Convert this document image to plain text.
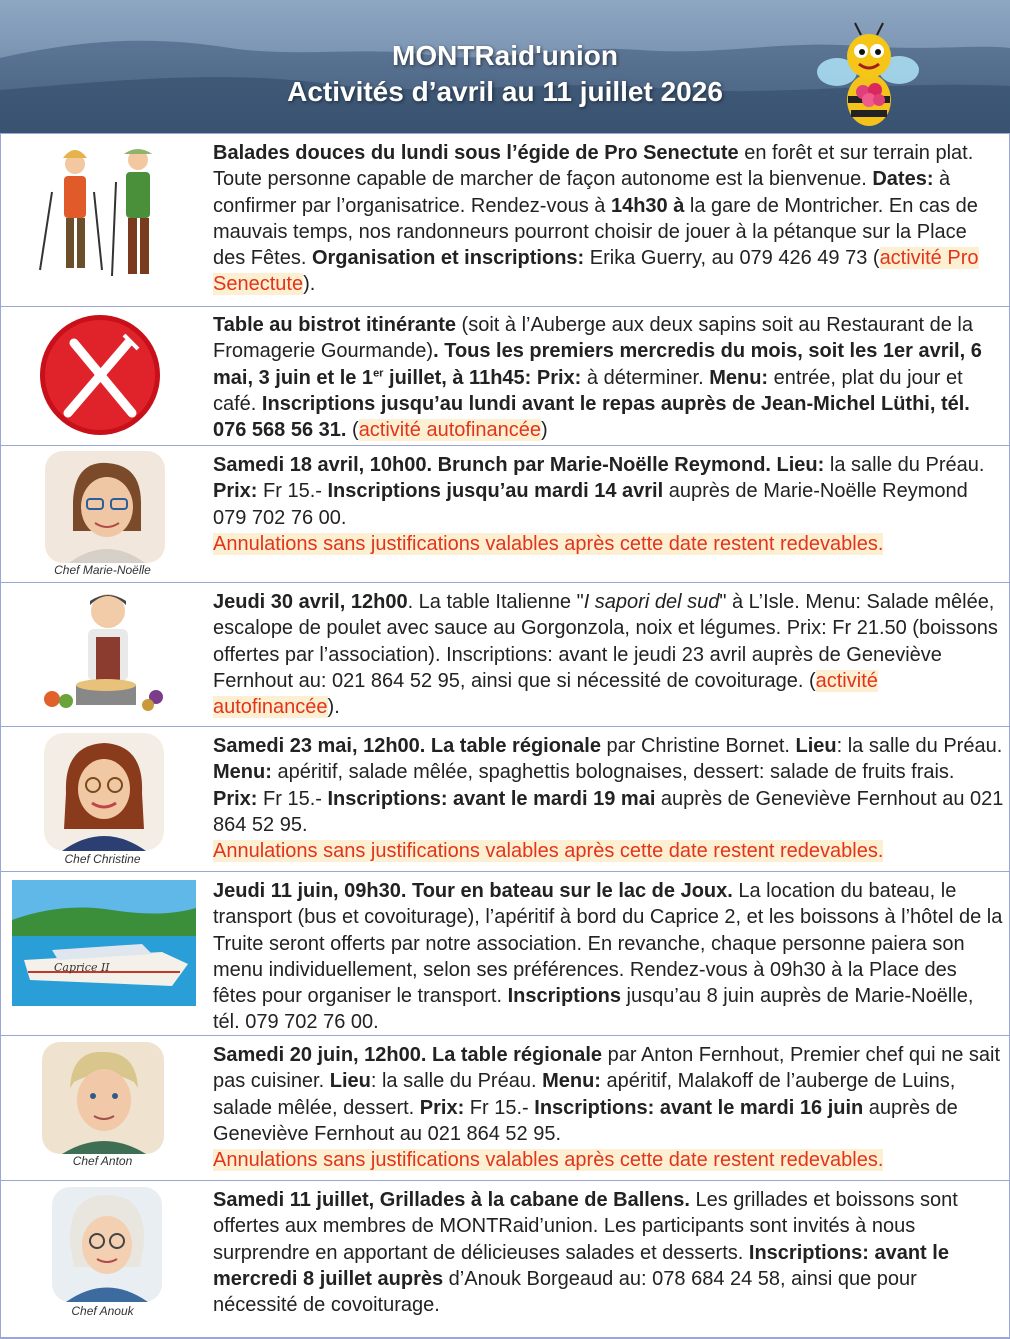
MONTRaid'union
Activités d’avril au 11 juillet 2026
Balades douces du lundi sous l’égide de Pro Senectute en forêt et sur terrain plat. Toute personne capable de marcher de façon autonome est la bienvenue. Dates: à confirmer par l’organisatrice. Rendez-vous à 14h30 à la gare de Montricher. En cas de mauvais temps, nos randonneurs pourront choisir de jouer à la pétanque sur la Place des Fêtes. Organisation et inscriptions: Erika Guerry, au 079 426 49 73 (activité Pro Senectute).
Table au bistrot itinérante (soit à l’Auberge aux deux sapins soit au Restaurant de la Fromagerie Gourmande). Tous les premiers mercredis du mois, soit les 1er avril, 6 mai, 3 juin et le 1er juillet, à 11h45: Prix: à déterminer. Menu: entrée, plat du jour et café. Inscriptions jusqu’au lundi avant le repas auprès de Jean-Michel Lüthi, tél. 076 568 56 31. (activité autofinancée)
Chef Marie-Noëlle
Samedi 18 avril, 10h00. Brunch par Marie-Noëlle Reymond. Lieu: la salle du Préau. Prix: Fr 15.- Inscriptions jusqu’au mardi 14 avril auprès de Marie-Noëlle Reymond 079 702 76 00.
Annulations sans justifications valables après cette date restent redevables.
Jeudi 30 avril, 12h00. La table Italienne "I sapori del sud" à L’Isle. Menu: Salade mêlée, escalope de poulet avec sauce au Gorgonzola, noix et légumes. Prix: Fr 21.50 (boissons offertes par l’association). Inscriptions: avant le jeudi 23 avril auprès de Geneviève Fernhout au: 021 864 52 95, ainsi que si nécessité de covoiturage. (activité autofinancée).
Chef Christine
Samedi 23 mai, 12h00. La table régionale par Christine Bornet. Lieu: la salle du Préau. Menu: apéritif, salade mêlée, spaghettis bolognaises, dessert: salade de fruits frais. Prix: Fr 15.- Inscriptions: avant le mardi 19 mai auprès de Geneviève Fernhout au 021 864 52 95.
Annulations sans justifications valables après cette date restent redevables.
Caprice II
Jeudi 11 juin, 09h30. Tour en bateau sur le lac de Joux. La location du bateau, le transport (bus et covoiturage), l’apéritif à bord du Caprice 2, et les boissons à l’hôtel de la Truite seront offerts par notre association. En revanche, chaque personne paiera son menu individuellement, selon ses préférences. Rendez-vous à 09h30 à la Place des fêtes pour organiser le transport. Inscriptions jusqu’au 8 juin auprès de Marie-Noëlle, tél. 079 702 76 00.
Chef Anton
Samedi 20 juin, 12h00. La table régionale par Anton Fernhout, Premier chef qui ne sait pas cuisiner. Lieu: la salle du Préau. Menu: apéritif, Malakoff de l’auberge de Luins, salade mêlée, dessert. Prix: Fr 15.- Inscriptions: avant le mardi 16 juin auprès de Geneviève Fernhout au 021 864 52 95.
Annulations sans justifications valables après cette date restent redevables.
Chef Anouk
Samedi 11 juillet, Grillades à la cabane de Ballens. Les grillades et boissons sont offertes aux membres de MONTRaid’union. Les participants sont invités à nous surprendre en apportant de délicieuses salades et desserts. Inscriptions: avant le mercredi 8 juillet auprès d’Anouk Borgeaud au: 078 684 24 58, ainsi que pour nécessité de covoiturage.
